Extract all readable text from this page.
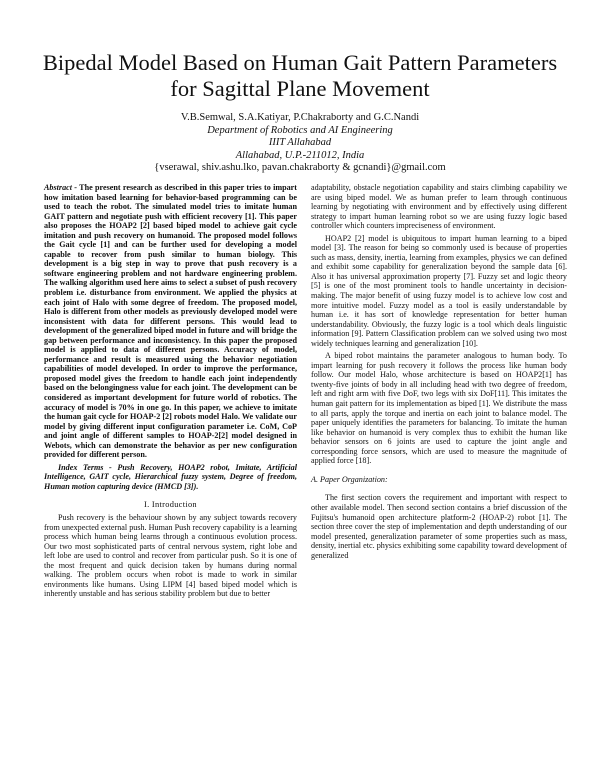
Bipedal Model Based on Human Gait Pattern Parameters
for Sagittal Plane Movement
V.B.Semwal, S.A.Katiyar, P.Chakraborty and G.C.Nandi
Department of Robotics and AI Engineering
IIIT Allahabad
Allahabad, U.P.-211012, India
{vserawal, shiv.ashu.lko, pavan.chakraborty & gcnandi}@gmail.com

Abstract - The present research as described in this paper tries to impart how imitation based learning for behavior-based programming can be used to teach the robot. The simulated model tries to imitate human GAIT pattern and negotiate push with efficient recovery [1]. This paper also proposes the HOAP2 [2] based biped model to achieve gait cycle imitation and push recovery on humanoid. The proposed model follows the Gait cycle [1] and can be further used for developing a model capable to recover from push similar to human biology. This development is a big step in way to prove that push recovery is a software engineering problem and not hardware engineering problem. The walking algorithm used here aims to select a subset of push recovery problem i.e. disturbance from environment. We applied the physics at each joint of Halo with some degree of freedom. The proposed model, Halo is different from other models as previously developed model were inconsistent with data for different persons. This would lead to development of the generalized biped model in future and will bridge the gap between performance and inconsistency. In this paper the proposed model is applied to data of different persons. Accuracy of model, performance and result is measured using the behavior negotiation capabilities of model developed. In order to improve the performance, proposed model gives the freedom to handle each joint independently based on the belongingness value for each joint. The development can be considered as important development for future world of robotics. The accuracy of model is 70% in one go. In this paper, we achieve to imitate the human gait cycle for HOAP-2 [2] robots model Halo. We validate our model by giving different input configuration parameter i.e. CoM, CoP and joint angle of different samples to HOAP-2[2] model designed in Webots, which can demonstrate the behavior as per new configuration provided for different person.

Index Terms - Push Recovery, HOAP2 robot, Imitate, Artificial Intelligence, GAIT cycle, Hierarchical fuzzy system, Degree of freedom, Human motion capturing device (HMCD [3]).

I. Introduction

Push recovery is the behaviour shown by any subject towards recovery from unexpected external push. Human Push recovery capability is a learning process which human being learns through a continuous evolution process. Our two most sophisticated parts of central nervous system, right lobe and left lobe are used to control and recover from particular push. So it is one of the most frequent and quick decision taken by humans during normal walking. The problem occurs when robot is made to work in similar environments like humans. Using LIPM [4] based biped model which is inherently unstable and has serious stability problem but due to better

adaptability, obstacle negotiation capability and stairs climbing capability we are using biped model. We as human prefer to learn through continuous learning by negotiating with environment and by effectively using different strategy to impart human learning robot so we are using fuzzy logic based controller which counters impreciseness of environment.

HOAP2 [2] model is ubiquitous to impart human learning to a biped model [3]. The reason for being so commonly used is because of properties such as mass, density, inertia, learning from examples, physics we can defined and exhibit some capability for generalization beyond the sample data [6]. Also it has universal approximation property [7]. Fuzzy set and logic theory [5] is one of the most prominent tools to handle uncertainty in decision-making. The major benefit of using fuzzy model is to achieve low cost and more intuitive model. Fuzzy model as a tool is easily understandable by human i.e. it has sort of knowledge representation for better human understandability. Obviously, the fuzzy logic is a tool which deals linguistic information [9]. Pattern Classification problem can we solved using two most widely techniques learning and generalization [10].

A biped robot maintains the parameter analogous to human body. To impart learning for push recovery it follows the process like human body follow. Our model Halo, whose architecture is based on HOAP2[1] has twenty-five joints of body in all including head with two degree of freedom, left and right arm with five DoF, two legs with six DoF[11]. This imitates the human gait pattern for its implementation as biped [1]. We distribute the mass to all parts, apply the torque and inertia on each joint to balance model. The paper uniquely identifies the parameters for balancing. To imitate the human like behavior on humanoid is very complex thus to exhibit the human like behavior sensors on 6 joints are used to capture the joint angle and corresponding force sensors, which are used to measure the magnitude of applied force [18].

A. Paper Organization:

The first section covers the requirement and important with respect to other available model. Then second section contains a brief discussion of the Fujitsu's humanoid open architecture platform-2 (HOAP-2) robot [1]. The section three cover the step of implementation and depth understanding of our model presented, generalization parameter of some properties such as mass, density, inertial etc. physics exhibiting some capability toward development of generalized
